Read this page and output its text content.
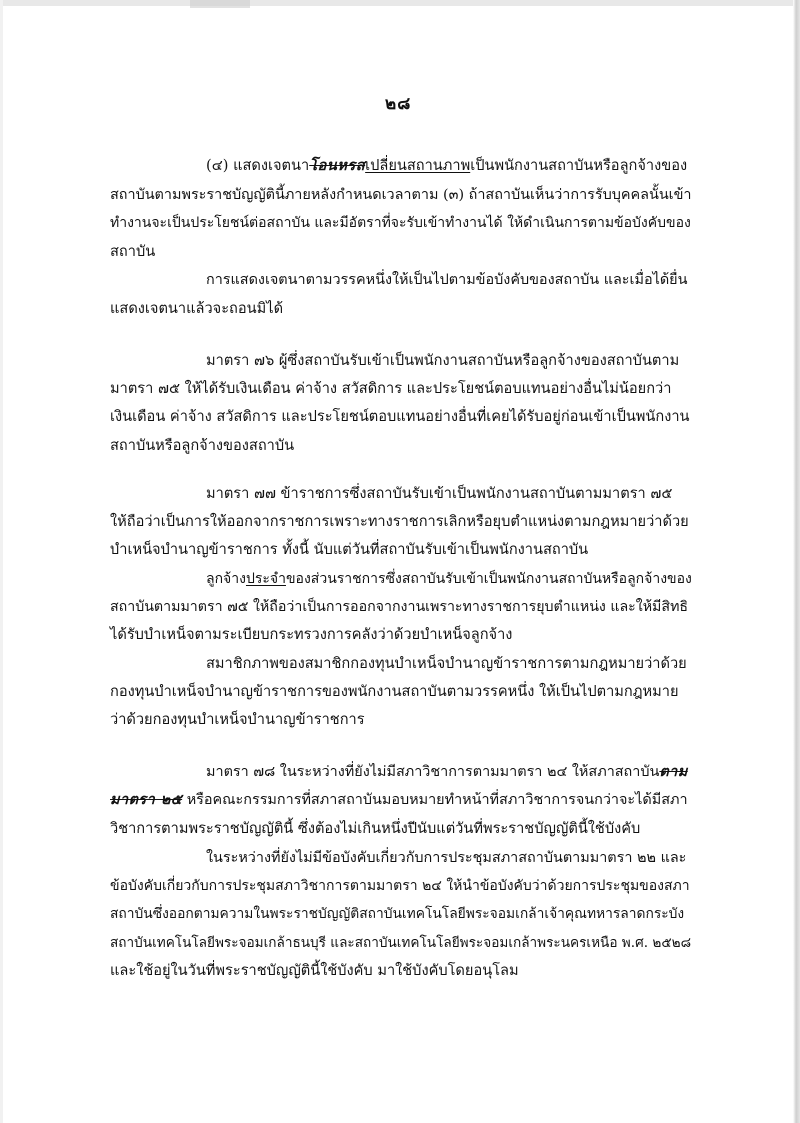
๒๘
(๔) แสดงเจตนาโอนหรสเปลี่ยนสถานภาพเป็นพนักงานสถาบันหรือลูกจ้างของ
สถาบันตามพระราชบัญญัตินี้ภายหลังกำหนดเวลาตาม (๓) ถ้าสถาบันเห็นว่าการรับบุคคลนั้นเข้า
ทำงานจะเป็นประโยชน์ต่อสถาบัน และมีอัตราที่จะรับเข้าทำงานได้ ให้ดำเนินการตามข้อบังคับของ
สถาบัน
การแสดงเจตนาตามวรรคหนึ่งให้เป็นไปตามข้อบังคับของสถาบัน และเมื่อได้ยื่น
แสดงเจตนาแล้วจะถอนมิได้
มาตรา ๗๖ ผู้ซึ่งสถาบันรับเข้าเป็นพนักงานสถาบันหรือลูกจ้างของสถาบันตาม
มาตรา ๗๕ ให้ได้รับเงินเดือน ค่าจ้าง สวัสดิการ และประโยชน์ตอบแทนอย่างอื่นไม่น้อยกว่า
เงินเดือน ค่าจ้าง สวัสดิการ และประโยชน์ตอบแทนอย่างอื่นที่เคยได้รับอยู่ก่อนเข้าเป็นพนักงาน
สถาบันหรือลูกจ้างของสถาบัน
มาตรา ๗๗ ข้าราชการซึ่งสถาบันรับเข้าเป็นพนักงานสถาบันตามมาตรา ๗๕
ให้ถือว่าเป็นการให้ออกจากราชการเพราะทางราชการเลิกหรือยุบตำแหน่งตามกฎหมายว่าด้วย
บำเหน็จบำนาญข้าราชการ ทั้งนี้ นับแต่วันที่สถาบันรับเข้าเป็นพนักงานสถาบัน
ลูกจ้างประจำของส่วนราชการซึ่งสถาบันรับเข้าเป็นพนักงานสถาบันหรือลูกจ้างของ
สถาบันตามมาตรา ๗๕ ให้ถือว่าเป็นการออกจากงานเพราะทางราชการยุบตำแหน่ง และให้มีสิทธิ
ได้รับบำเหน็จตามระเบียบกระทรวงการคลังว่าด้วยบำเหน็จลูกจ้าง
สมาชิกภาพของสมาชิกกองทุนบำเหน็จบำนาญข้าราชการตามกฎหมายว่าด้วย
กองทุนบำเหน็จบำนาญข้าราชการของพนักงานสถาบันตามวรรคหนึ่ง ให้เป็นไปตามกฎหมาย
ว่าด้วยกองทุนบำเหน็จบำนาญข้าราชการ
มาตรา ๗๘ ในระหว่างที่ยังไม่มีสภาวิชาการตามมาตรา ๒๔ ให้สภาสถาบันตาม
มาตรา ๒๕ หรือคณะกรรมการที่สภาสถาบันมอบหมายทำหน้าที่สภาวิชาการจนกว่าจะได้มีสภา
วิชาการตามพระราชบัญญัตินี้ ซึ่งต้องไม่เกินหนึ่งปีนับแต่วันที่พระราชบัญญัตินี้ใช้บังคับ
ในระหว่างที่ยังไม่มีข้อบังคับเกี่ยวกับการประชุมสภาสถาบันตามมาตรา ๒๒ และ
ข้อบังคับเกี่ยวกับการประชุมสภาวิชาการตามมาตรา ๒๔ ให้นำข้อบังคับว่าด้วยการประชุมของสภา
สถาบันซึ่งออกตามความในพระราชบัญญัติสถาบันเทคโนโลยีพระจอมเกล้าเจ้าคุณทหารลาดกระบัง
สถาบันเทคโนโลยีพระจอมเกล้าธนบุรี และสถาบันเทคโนโลยีพระจอมเกล้าพระนครเหนือ พ.ศ. ๒๕๒๘
และใช้อยู่ในวันที่พระราชบัญญัตินี้ใช้บังคับ มาใช้บังคับโดยอนุโลม
